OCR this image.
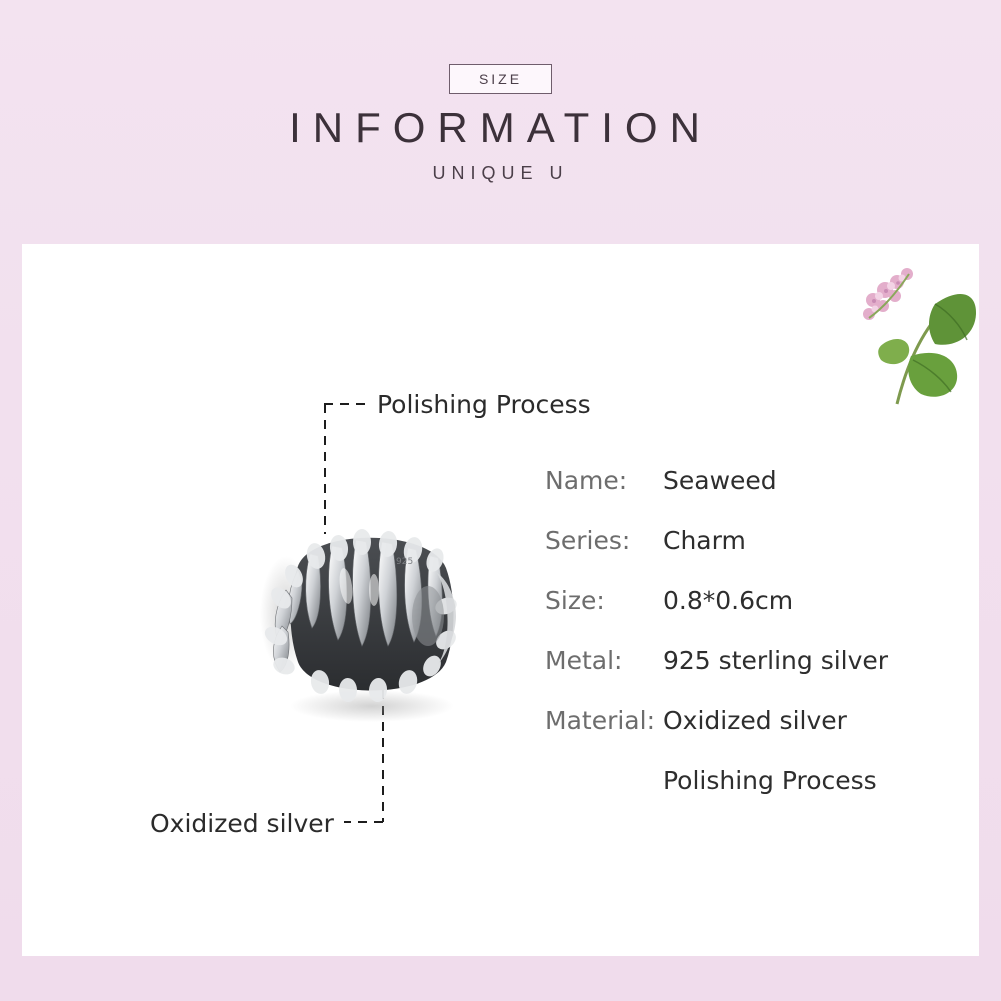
SIZE
INFORMATION
UNIQUE U
Polishing Process
Oxidized silver
925
Name:	Seaweed
Series:	Charm
Size:	0.8*0.6cm
Metal:	925 sterling silver
Material: Oxidized silver
Polishing Process
